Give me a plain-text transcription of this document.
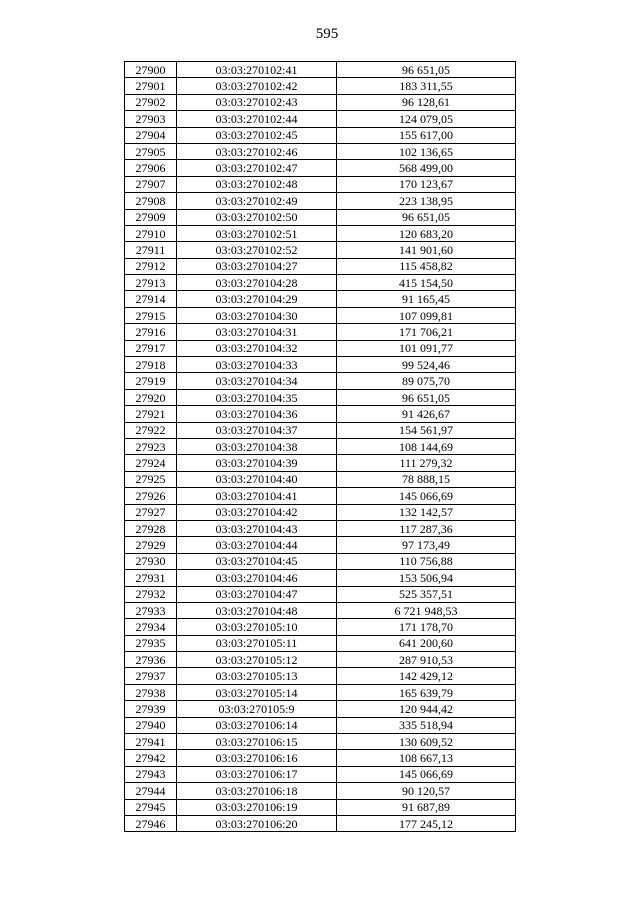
595
27900	03:03:270102:41	96 651,05
27901	03:03:270102:42	183 311,55
27902	03:03:270102:43	96 128,61
27903	03:03:270102:44	124 079,05
27904	03:03:270102:45	155 617,00
27905	03:03:270102:46	102 136,65
27906	03:03:270102:47	568 499,00
27907	03:03:270102:48	170 123,67
27908	03:03:270102:49	223 138,95
27909	03:03:270102:50	96 651,05
27910	03:03:270102:51	120 683,20
27911	03:03:270102:52	141 901,60
27912	03:03:270104:27	115 458,82
27913	03:03:270104:28	415 154,50
27914	03:03:270104:29	91 165,45
27915	03:03:270104:30	107 099,81
27916	03:03:270104:31	171 706,21
27917	03:03:270104:32	101 091,77
27918	03:03:270104:33	99 524,46
27919	03:03:270104:34	89 075,70
27920	03:03:270104:35	96 651,05
27921	03:03:270104:36	91 426,67
27922	03:03:270104:37	154 561,97
27923	03:03:270104:38	108 144,69
27924	03:03:270104:39	111 279,32
27925	03:03:270104:40	78 888,15
27926	03:03:270104:41	145 066,69
27927	03:03:270104:42	132 142,57
27928	03:03:270104:43	117 287,36
27929	03:03:270104:44	97 173,49
27930	03:03:270104:45	110 756,88
27931	03:03:270104:46	153 506,94
27932	03:03:270104:47	525 357,51
27933	03:03:270104:48	6 721 948,53
27934	03:03:270105:10	171 178,70
27935	03:03:270105:11	641 200,60
27936	03:03:270105:12	287 910,53
27937	03:03:270105:13	142 429,12
27938	03:03:270105:14	165 639,79
27939	03:03:270105:9	120 944,42
27940	03:03:270106:14	335 518,94
27941	03:03:270106:15	130 609,52
27942	03:03:270106:16	108 667,13
27943	03:03:270106:17	145 066,69
27944	03:03:270106:18	90 120,57
27945	03:03:270106:19	91 687,89
27946	03:03:270106:20	177 245,12
